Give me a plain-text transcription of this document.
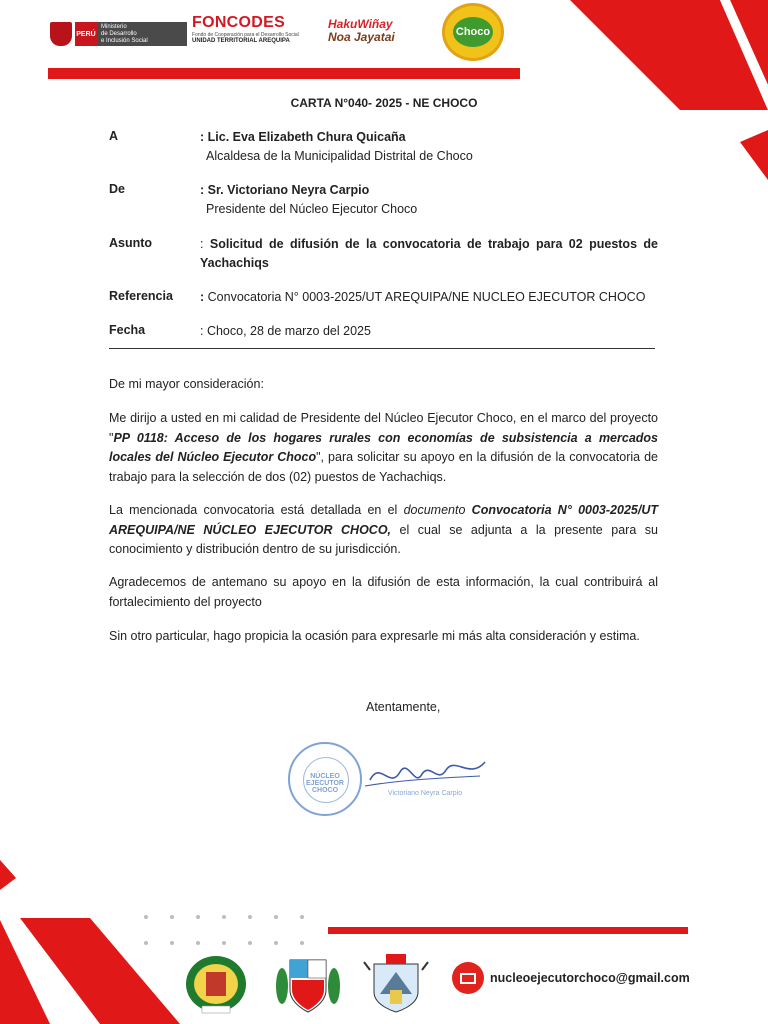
PERÚ
Ministerio
de Desarrollo
e Inclusión Social
FONCODES
Fondo de Cooperación para el Desarrollo Social
UNIDAD TERRITORIAL AREQUIPA
HakuWiñay
Noa Jayatai	Choco
CARTA N°040- 2025 - NE CHOCO
A	: Lic. Eva Elizabeth Chura Quicaña
Alcaldesa de la Municipalidad Distrital de Choco
De	: Sr. Victoriano Neyra Carpio
Presidente del Núcleo Ejecutor Choco
Asunto	: Solicitud de difusión de la convocatoria de trabajo para 02 puestos de Yachachiqs
Referencia : Convocatoria N° 0003-2025/UT AREQUIPA/NE NUCLEO EJECUTOR CHOCO
Fecha	: Choco, 28 de marzo del 2025
De mi mayor consideración:
Me dirijo a usted en mi calidad de Presidente del Núcleo Ejecutor Choco, en el marco del proyecto "PP 0118: Acceso de los hogares rurales con economías de subsistencia a mercados locales del Núcleo Ejecutor Choco", para solicitar su apoyo en la difusión de la convocatoria de trabajo para la selección de dos (02) puestos de Yachachiqs.
La mencionada convocatoria está detallada en el documento Convocatoria N° 0003-2025/UT AREQUIPA/NE NÚCLEO EJECUTOR CHOCO, el cual se adjunta a la presente para su conocimiento y distribución dentro de su jurisdicción.
Agradecemos de antemano su apoyo en la difusión de esta información, la cual contribuirá al fortalecimiento del proyecto
Sin otro particular, hago propicia la ocasión para expresarle mi más alta consideración y estima.
Atentamente,
NÚCLEO EJECUTOR CHOCO	Victoriano Neyra Carpio
nucleoejecutorchoco@gmail.com
